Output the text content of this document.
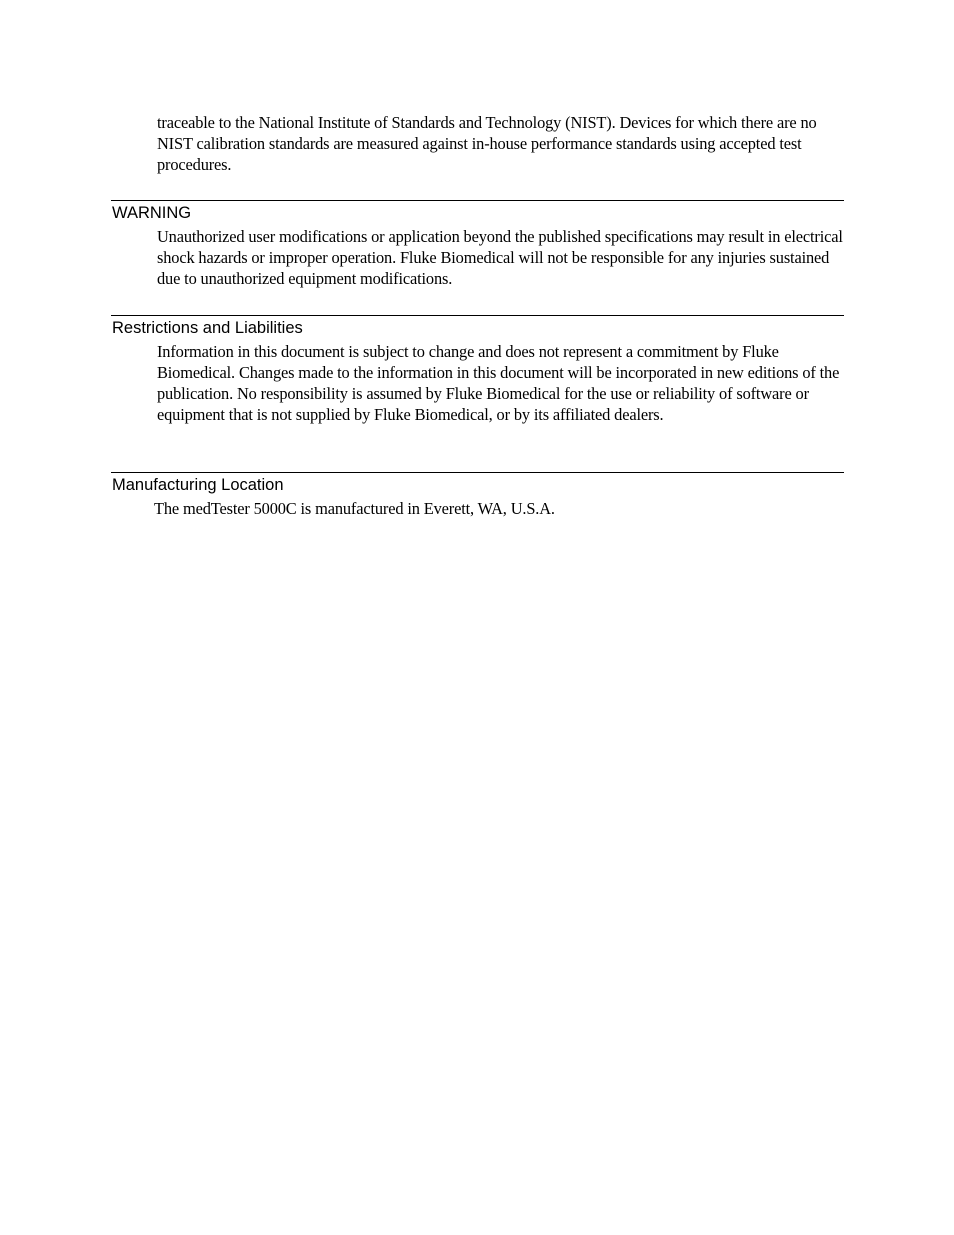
traceable to the National Institute of Standards and Technology (NIST). Devices for which there are no NIST calibration standards are measured against in-house performance standards using accepted test procedures.

WARNING

Unauthorized user modifications or application beyond the published specifications may result in electrical shock hazards or improper operation. Fluke Biomedical will not be responsible for any injuries sustained due to unauthorized equipment modifications.

Restrictions and Liabilities

Information in this document is subject to change and does not represent a commitment by Fluke Biomedical. Changes made to the information in this document will be incorporated in new editions of the publication. No responsibility is assumed by Fluke Biomedical for the use or reliability of software or equipment that is not supplied by Fluke Biomedical, or by its affiliated dealers.

Manufacturing Location

The medTester 5000C is manufactured in Everett, WA, U.S.A.
